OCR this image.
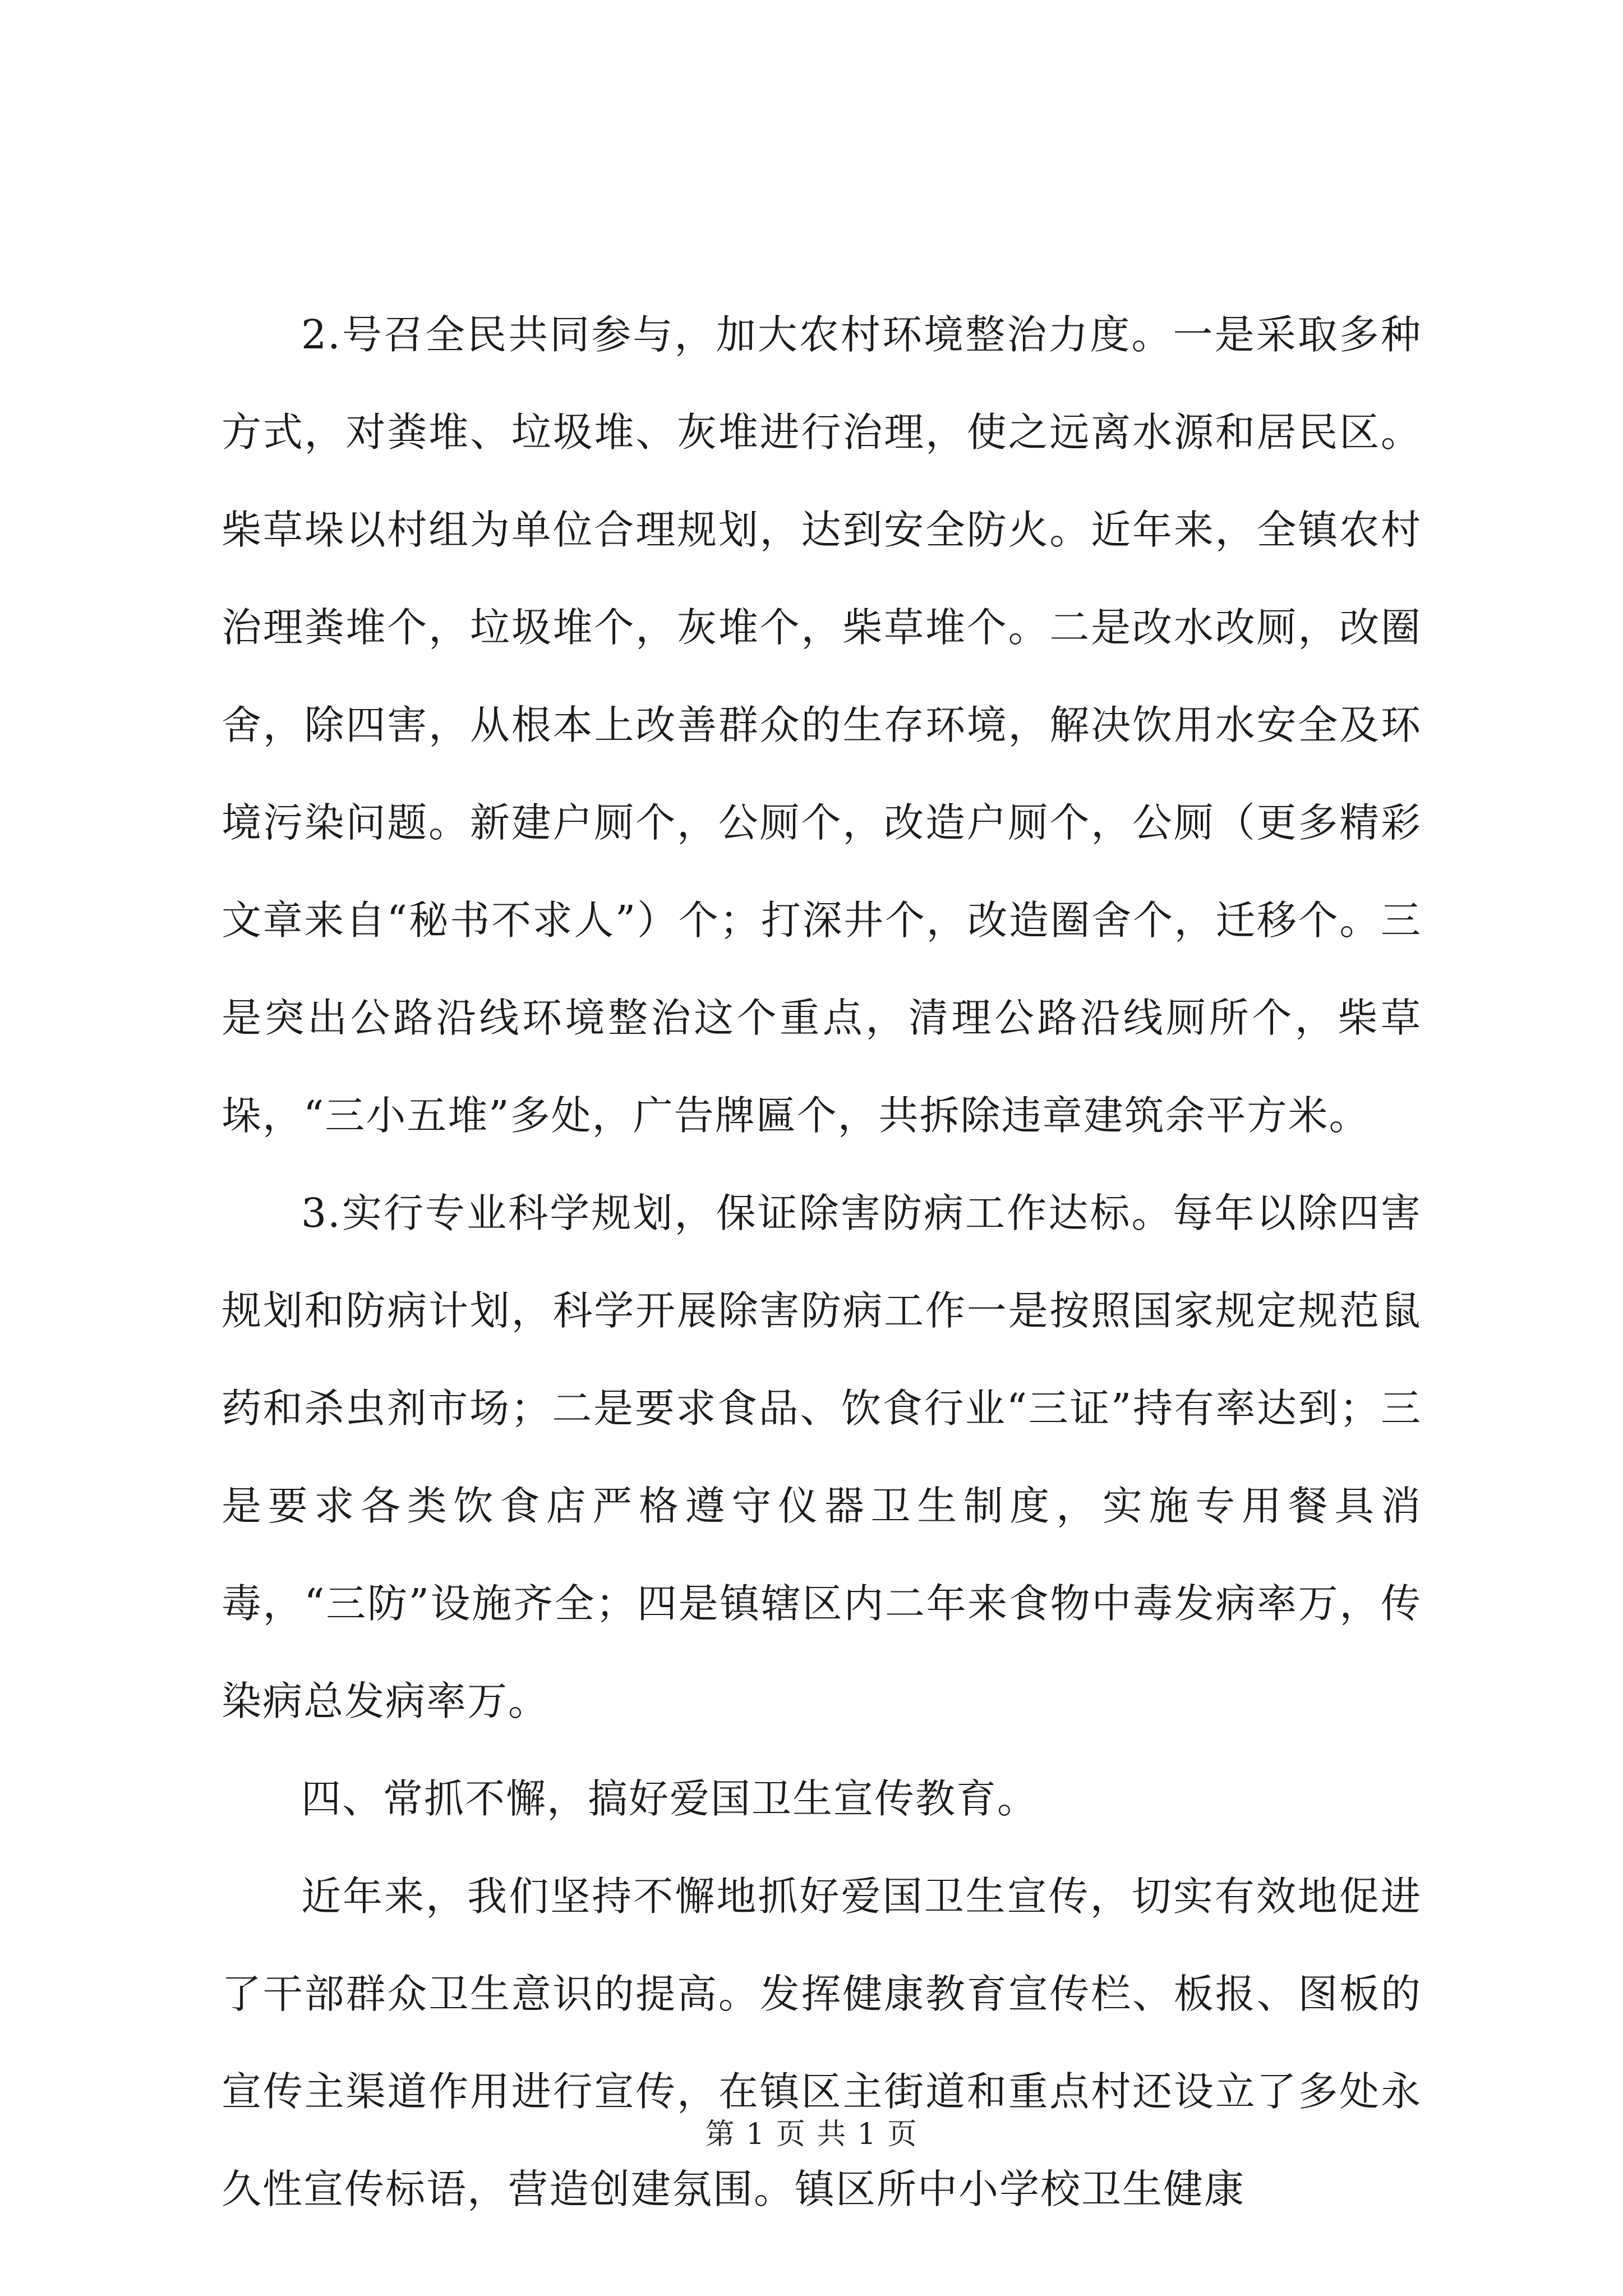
2.号召全民共同参与，加大农村环境整治力度。一是采取多种方式，对粪堆、垃圾堆、灰堆进行治理，使之远离水源和居民区。柴草垛以村组为单位合理规划，达到安全防火。近年来，全镇农村治理粪堆个，垃圾堆个，灰堆个，柴草堆个。二是改水改厕，改圈舍，除四害，从根本上改善群众的生存环境，解决饮用水安全及环境污染问题。新建户厕个，公厕个，改造户厕个，公厕（更多精彩文章来自“秘书不求人”）个；打深井个，改造圈舍个，迁移个。三是突出公路沿线环境整治这个重点，清理公路沿线厕所个，柴草垛，“三小五堆”多处，广告牌匾个，共拆除违章建筑余平方米。

3.实行专业科学规划，保证除害防病工作达标。每年以除四害规划和防病计划，科学开展除害防病工作一是按照国家规定规范鼠药和杀虫剂市场；二是要求食品、饮食行业“三证”持有率达到；三是要求各类饮食店严格遵守仪器卫生制度，实施专用餐具消毒，“三防”设施齐全；四是镇辖区内二年来食物中毒发病率万，传染病总发病率万。

四、常抓不懈，搞好爱国卫生宣传教育。

近年来，我们坚持不懈地抓好爱国卫生宣传，切实有效地促进了干部群众卫生意识的提高。发挥健康教育宣传栏、板报、图板的宣传主渠道作用进行宣传，在镇区主街道和重点村还设立了多处永久性宣传标语，营造创建氛围。镇区所中小学校卫生健康

第 1 页 共 1 页
